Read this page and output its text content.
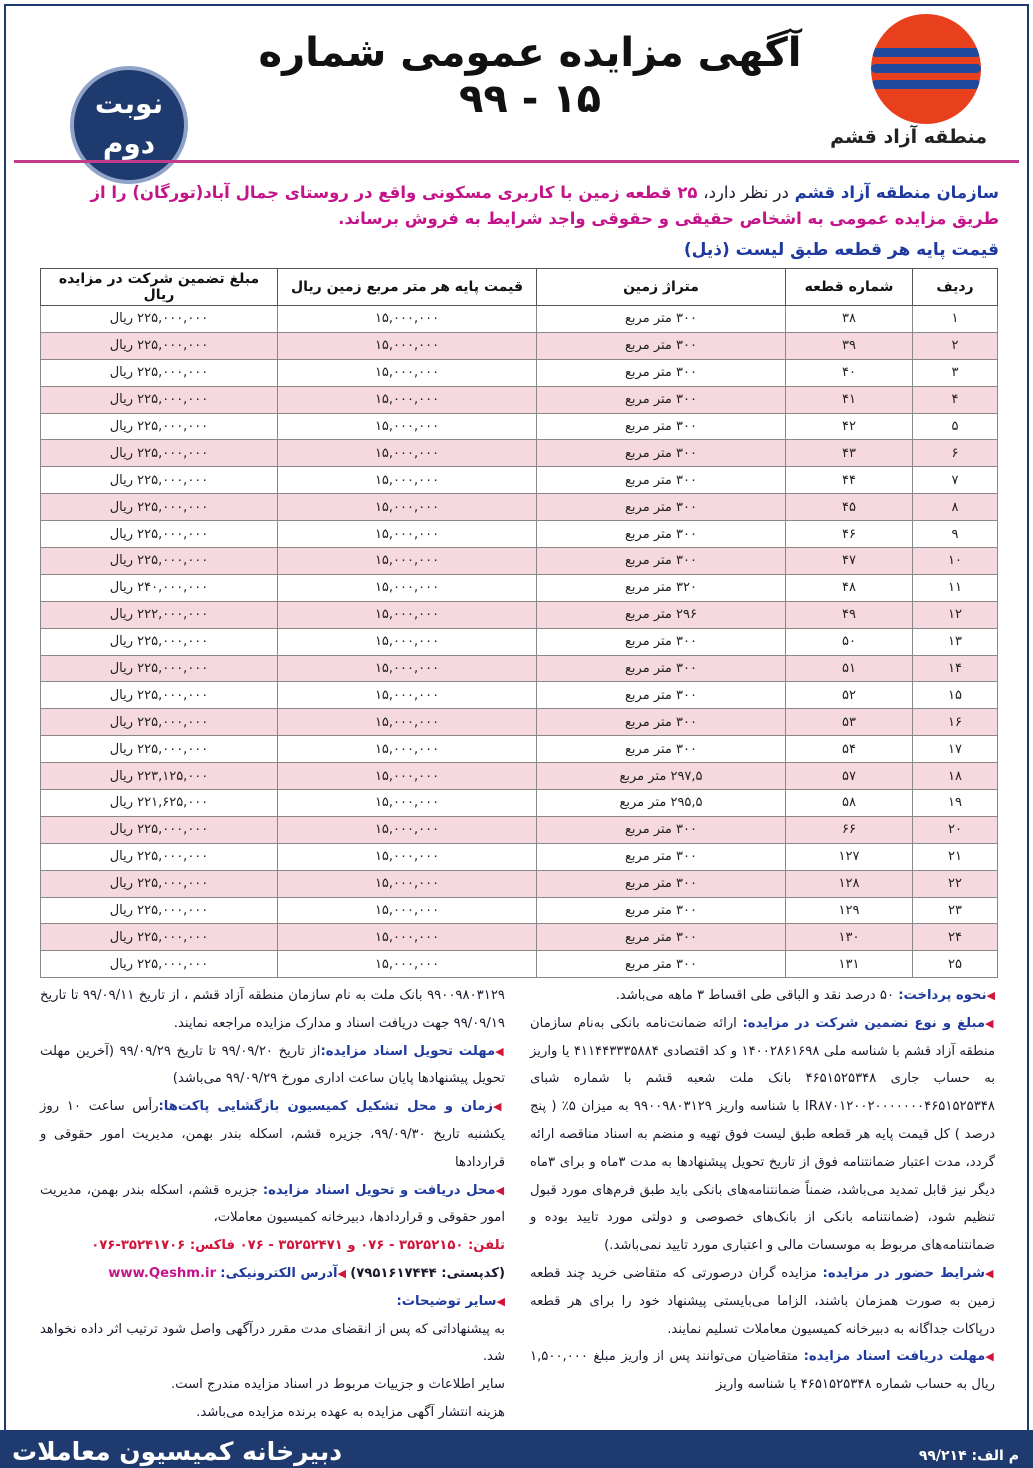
منطقه آزاد قشم
آگهی مزایده عمومی شماره ۱۵ - ۹۹
نوبت
دوم
سازمان منطقه آزاد قشم در نظر دارد، ۲۵ قطعه زمین با کاربری مسکونی واقع در روستای جمال آباد(تورگان) را از طریق مزایده عمومی به اشخاص حقیقی و حقوقی واجد شرایط به فروش برساند.
قیمت پایه هر قطعه طبق لیست (ذیل)
ردیف	شماره قطعه	متراژ زمین	قیمت پایه هر متر مربع زمین ریال	مبلغ تضمین شرکت در مزایده ریال
۱	۳۸	۳۰۰ متر مربع	۱۵,۰۰۰,۰۰۰	۲۲۵,۰۰۰,۰۰۰ ریال
۲	۳۹	۳۰۰ متر مربع	۱۵,۰۰۰,۰۰۰	۲۲۵,۰۰۰,۰۰۰ ریال
۳	۴۰	۳۰۰ متر مربع	۱۵,۰۰۰,۰۰۰	۲۲۵,۰۰۰,۰۰۰ ریال
۴	۴۱	۳۰۰ متر مربع	۱۵,۰۰۰,۰۰۰	۲۲۵,۰۰۰,۰۰۰ ریال
۵	۴۲	۳۰۰ متر مربع	۱۵,۰۰۰,۰۰۰	۲۲۵,۰۰۰,۰۰۰ ریال
۶	۴۳	۳۰۰ متر مربع	۱۵,۰۰۰,۰۰۰	۲۲۵,۰۰۰,۰۰۰ ریال
۷	۴۴	۳۰۰ متر مربع	۱۵,۰۰۰,۰۰۰	۲۲۵,۰۰۰,۰۰۰ ریال
۸	۴۵	۳۰۰ متر مربع	۱۵,۰۰۰,۰۰۰	۲۲۵,۰۰۰,۰۰۰ ریال
۹	۴۶	۳۰۰ متر مربع	۱۵,۰۰۰,۰۰۰	۲۲۵,۰۰۰,۰۰۰ ریال
۱۰	۴۷	۳۰۰ متر مربع	۱۵,۰۰۰,۰۰۰	۲۲۵,۰۰۰,۰۰۰ ریال
۱۱	۴۸	۳۲۰ متر مربع	۱۵,۰۰۰,۰۰۰	۲۴۰,۰۰۰,۰۰۰ ریال
۱۲	۴۹	۲۹۶ متر مربع	۱۵,۰۰۰,۰۰۰	۲۲۲,۰۰۰,۰۰۰ ریال
۱۳	۵۰	۳۰۰ متر مربع	۱۵,۰۰۰,۰۰۰	۲۲۵,۰۰۰,۰۰۰ ریال
۱۴	۵۱	۳۰۰ متر مربع	۱۵,۰۰۰,۰۰۰	۲۲۵,۰۰۰,۰۰۰ ریال
۱۵	۵۲	۳۰۰ متر مربع	۱۵,۰۰۰,۰۰۰	۲۲۵,۰۰۰,۰۰۰ ریال
۱۶	۵۳	۳۰۰ متر مربع	۱۵,۰۰۰,۰۰۰	۲۲۵,۰۰۰,۰۰۰ ریال
۱۷	۵۴	۳۰۰ متر مربع	۱۵,۰۰۰,۰۰۰	۲۲۵,۰۰۰,۰۰۰ ریال
۱۸	۵۷	۲۹۷,۵ متر مربع	۱۵,۰۰۰,۰۰۰	۲۲۳,۱۲۵,۰۰۰ ریال
۱۹	۵۸	۲۹۵,۵ متر مربع	۱۵,۰۰۰,۰۰۰	۲۲۱,۶۲۵,۰۰۰ ریال
۲۰	۶۶	۳۰۰ متر مربع	۱۵,۰۰۰,۰۰۰	۲۲۵,۰۰۰,۰۰۰ ریال
۲۱	۱۲۷	۳۰۰ متر مربع	۱۵,۰۰۰,۰۰۰	۲۲۵,۰۰۰,۰۰۰ ریال
۲۲	۱۲۸	۳۰۰ متر مربع	۱۵,۰۰۰,۰۰۰	۲۲۵,۰۰۰,۰۰۰ ریال
۲۳	۱۲۹	۳۰۰ متر مربع	۱۵,۰۰۰,۰۰۰	۲۲۵,۰۰۰,۰۰۰ ریال
۲۴	۱۳۰	۳۰۰ متر مربع	۱۵,۰۰۰,۰۰۰	۲۲۵,۰۰۰,۰۰۰ ریال
۲۵	۱۳۱	۳۰۰ متر مربع	۱۵,۰۰۰,۰۰۰	۲۲۵,۰۰۰,۰۰۰ ریال

◀نحوه پرداخت: ۵۰ درصد نقد و الباقی طی اقساط ۳ ماهه می‌باشد.

◀مبلغ و نوع تضمین شرکت در مزایده: ارائه ضمانت‌نامه بانکی به‌نام سازمان منطقه آزاد قشم با شناسه ملی ۱۴۰۰۲۸۶۱۶۹۸ و کد اقتصادی ۴۱۱۴۴۳۳۳۵۸۸۴ یا واریز به حساب جاری ۴۶۵۱۵۲۵۳۴۸ بانک ملت شعبه قشم با شماره شبای IR۸۷۰۱۲۰۰۲۰۰۰۰۰۰۰۴۶۵۱۵۲۵۳۴۸ با شناسه واریز ۹۹۰۰۹۸۰۳۱۲۹ به میزان ۵٪ ( پنج درصد ) کل قیمت پایه هر قطعه طبق لیست فوق تهیه و منضم به اسناد مناقصه ارائه گردد، مدت اعتبار ضمانتنامه فوق از تاریخ تحویل پیشنهادها به مدت ۳ماه و برای ۳ماه دیگر نیز قابل تمدید می‌باشد، ضمناً ضمانتنامه‌های بانکی باید طبق فرم‌های مورد قبول تنظیم شود، (ضمانتنامه بانکی از بانک‌های خصوصی و دولتی مورد تایید بوده و ضمانتنامه‌های مربوط به موسسات مالی و اعتباری مورد تایید نمی‌باشد.)

◀شرایط حضور در مزایده: مزایده گران درصورتی که متقاضی خرید چند قطعه زمین به صورت همزمان باشند، الزاما می‌بایستی پیشنهاد خود را برای هر قطعه درپاکات جداگانه به دبیرخانه کمیسیون معاملات تسلیم نمایند.

◀مهلت دریافت اسناد مزایده: متقاضیان می‌توانند پس از واریز مبلغ ۱,۵۰۰,۰۰۰ ریال به حساب شماره ۴۶۵۱۵۲۵۳۴۸ با شناسه واریز

۹۹۰۰۹۸۰۳۱۲۹ بانک ملت به نام سازمان منطقه آزاد قشم ، از تاریخ ۹۹/۰۹/۱۱ تا تاریخ ۹۹/۰۹/۱۹ جهت دریافت اسناد و مدارک مزایده مراجعه نمایند.

◀مهلت تحویل اسناد مزایده:از تاریخ ۹۹/۰۹/۲۰ تا تاریخ ۹۹/۰۹/۲۹ (آخرین مهلت تحویل پیشنهادها پایان ساعت اداری مورخ ۹۹/۰۹/۲۹ می‌باشد)

◀زمان و محل تشکیل کمیسیون بازگشایی پاکت‌ها:رأس ساعت ۱۰ روز یکشنبه تاریخ ۹۹/۰۹/۳۰، جزیره قشم، اسکله بندر بهمن، مدیریت امور حقوقی و قراردادها

◀محل دریافت و تحویل اسناد مزایده: جزیره قشم، اسکله بندر بهمن، مدیریت امور حقوقی و قراردادها، دبیرخانه کمیسیون معاملات،

تلفن: ۳۵۲۵۲۱۵۰ - ۰۷۶ و ۳۵۲۵۲۴۷۱ - ۰۷۶ فاکس: ۳۵۲۴۱۷۰۶-۰۷۶

(کدپستی: ۷۹۵۱۶۱۷۴۴۴) ◀آدرس الکترونیکی: www.Qeshm.ir

◀سایر توضیحات:

به پیشنهاداتی که پس از انقضای مدت مقرر درآگهی واصل شود ترتیب اثر داده نخواهد شد.

سایر اطلاعات و جزییات مربوط در اسناد مزایده مندرج است.

هزینه انتشار آگهی مزایده به عهده برنده مزایده می‌باشد.

دبیرخانه کمیسیون معاملات	م الف: ۹۹/۲۱۴
